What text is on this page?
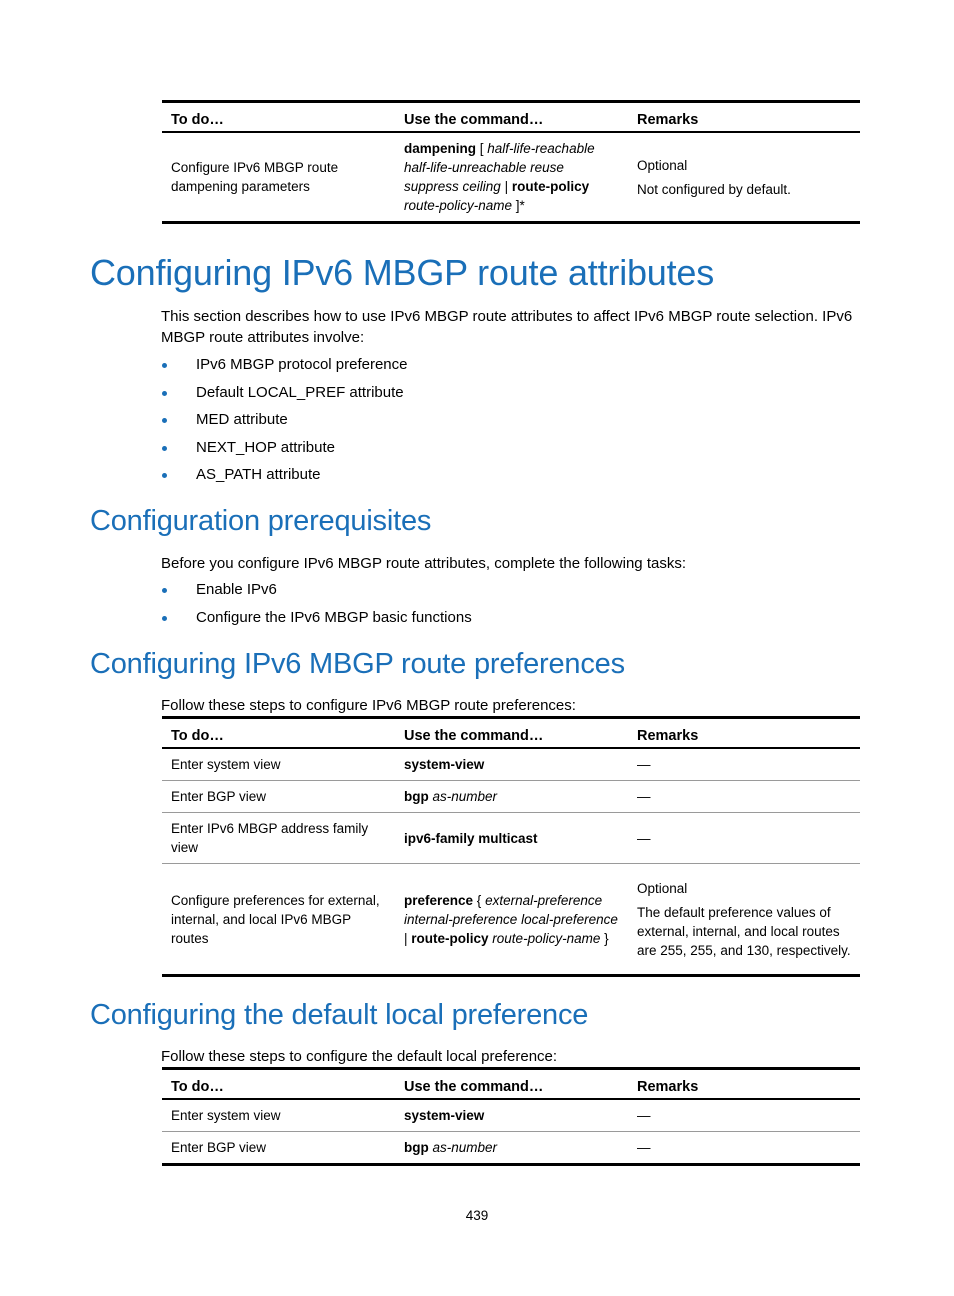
To do…	Use the command…	Remarks
Configure IPv6 MBGP route dampening parameters	dampening [ half-life-reachable half-life-unreachable reuse suppress ceiling | route-policy route-policy-name ]*	Optional

Not configured by default.

Configuring IPv6 MBGP route attributes
This section describes how to use IPv6 MBGP route attributes to affect IPv6 MBGP route selection. IPv6 MBGP route attributes involve:
IPv6 MBGP protocol preference
Default LOCAL_PREF attribute
MED attribute
NEXT_HOP attribute
AS_PATH attribute
Configuration prerequisites
Before you configure IPv6 MBGP route attributes, complete the following tasks:
Enable IPv6
Configure the IPv6 MBGP basic functions
Configuring IPv6 MBGP route preferences
Follow these steps to configure IPv6 MBGP route preferences:
To do…	Use the command…	Remarks
Enter system view	system-view	—

Enter BGP view	bgp as-number	—

Enter IPv6 MBGP address family view	ipv6-family multicast	—

Configure preferences for external, internal, and local IPv6 MBGP routes	preference { external-preference internal-preference local-preference | route-policy route-policy-name }	Optional

The default preference values of external, internal, and local routes are 255, 255, and 130, respectively.

Configuring the default local preference
Follow these steps to configure the default local preference:
To do…	Use the command…	Remarks
Enter system view	system-view	—

Enter BGP view	bgp as-number	—

439
